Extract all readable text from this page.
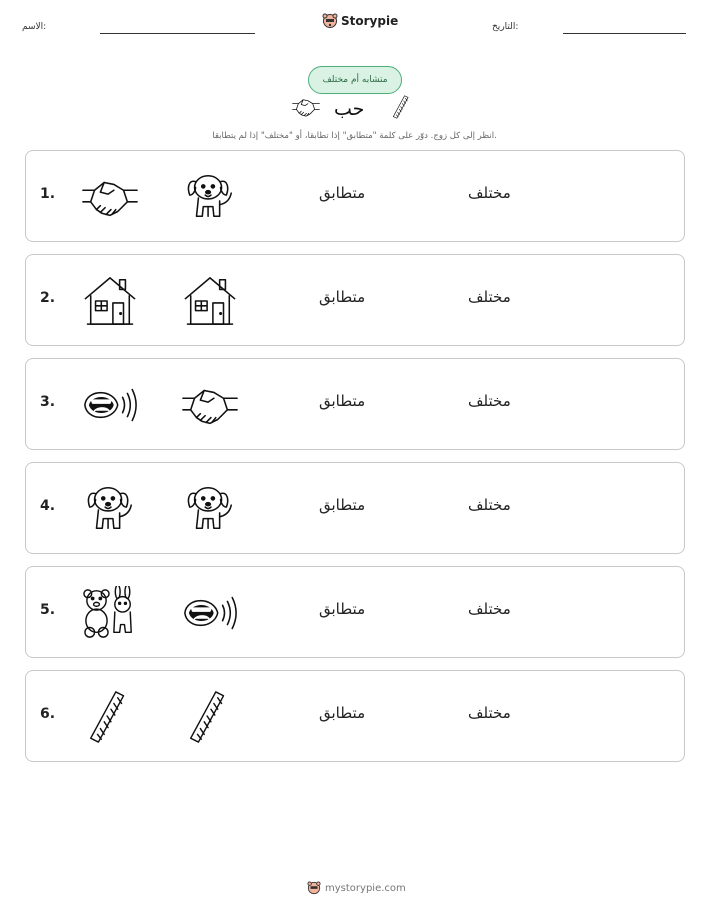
الاسم:	Storypie	التاريخ:
متشابه أم مختلف
حب
انظر إلى كل زوج. دوّر على كلمة "متطابق" إذا تطابقا، أو "مختلف" إذا لم يتطابقا.
1.	متطابق	مختلف
2.	متطابق	مختلف
3.	متطابق	مختلف
4.	متطابق	مختلف
5.	متطابق	مختلف
6.	متطابق	مختلف
mystorypie.com
